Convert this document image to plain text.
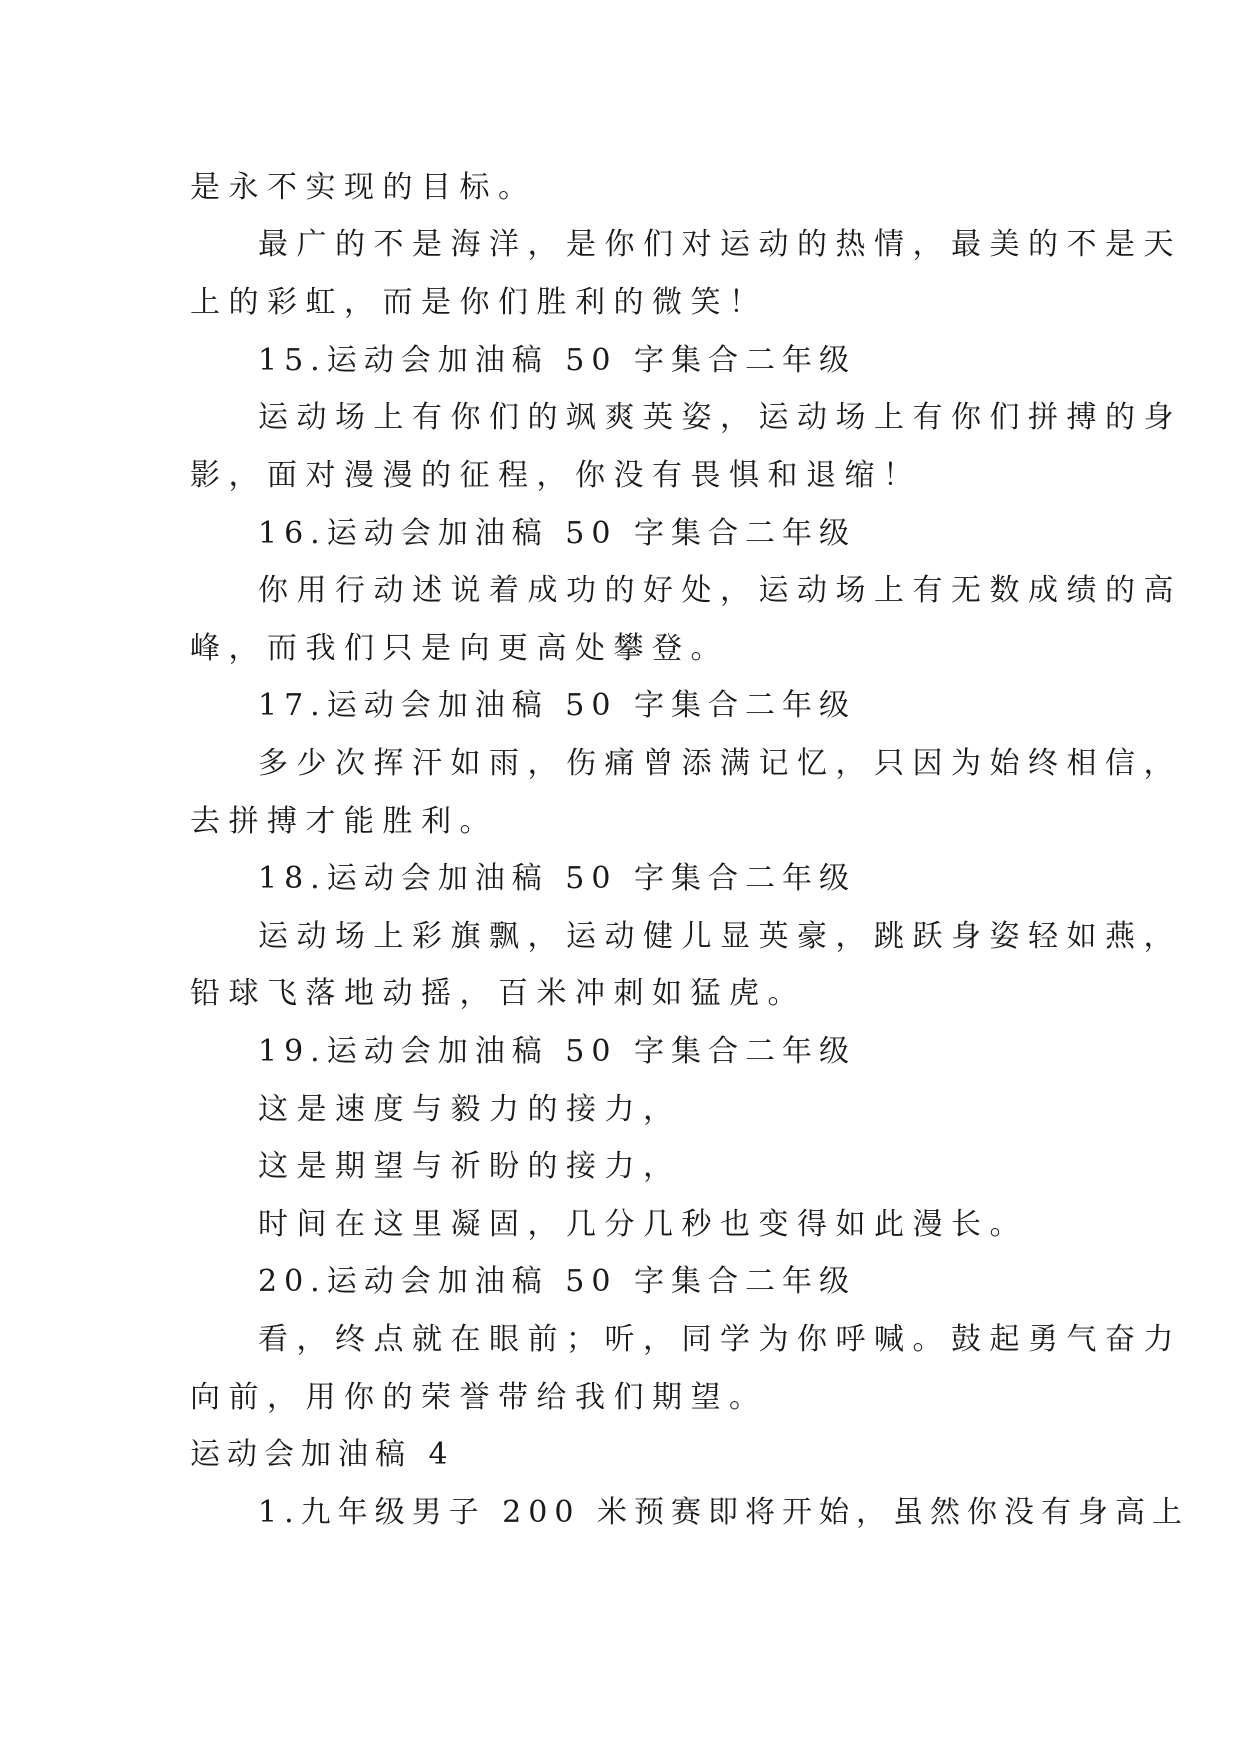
是永不实现的目标。
最广的不是海洋，是你们对运动的热情，最美的不是天
上的彩虹，而是你们胜利的微笑！
15.运动会加油稿 50 字集合二年级
运动场上有你们的飒爽英姿，运动场上有你们拼搏的身
影，面对漫漫的征程，你没有畏惧和退缩！
16.运动会加油稿 50 字集合二年级
你用行动述说着成功的好处，运动场上有无数成绩的高
峰，而我们只是向更高处攀登。
17.运动会加油稿 50 字集合二年级
多少次挥汗如雨，伤痛曾添满记忆，只因为始终相信，
去拼搏才能胜利。
18.运动会加油稿 50 字集合二年级
运动场上彩旗飘，运动健儿显英豪，跳跃身姿轻如燕，
铅球飞落地动摇，百米冲刺如猛虎。
19.运动会加油稿 50 字集合二年级
这是速度与毅力的接力，
这是期望与祈盼的接力，
时间在这里凝固，几分几秒也变得如此漫长。
20.运动会加油稿 50 字集合二年级
看，终点就在眼前；听，同学为你呼喊。鼓起勇气奋力
向前，用你的荣誉带给我们期望。
运动会加油稿 4
1.九年级男子 200 米预赛即将开始，虽然你没有身高上
